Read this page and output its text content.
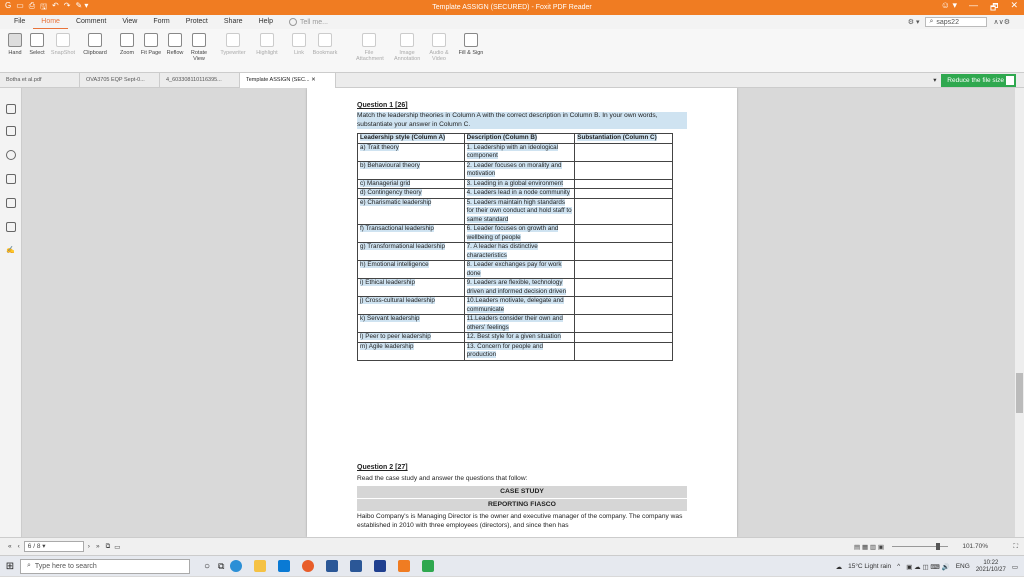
G ▭ ⎙ 🖫 ↶ ↷ ✎ ▾	Template ASSIGN (SECURED) - Foxit PDF Reader	☺ ▾ — 🗗 ✕
File	Home	Comment	View	Form	Protect	Share	Help	Tell me...	⚙ ▾ ⌕ saps22	∧∨⚙
Hand	Select	SnapShot Clipboard	Zoom	Fit Page Reflow	Rotate View
Typewriter	Highlight	Link	Bookmark	File Attachment
Image Annotation
Audio & Video
Fill & Sign
Botha et al.pdf	OVA3705 EQP Sept-0...	4_603308110116395...	Template ASSIGN (SEC... ✕	▾ Reduce the file size
✍
Question 1 [26]
Match the leadership theories in Column A with the correct description in Column B. In your own words, substantiate your answer in Column C.
Leadership style (Column A)	Description (Column B)	Substantiation (Column C)
a) Trait theory	1. Leadership with an ideological component	
b) Behavioural theory	2. Leader focuses on morality and motivation	
c) Managerial grid	3. Leading in a global environment	
d) Contingency theory	4. Leaders lead in a node community	
e) Charismatic leadership	5. Leaders maintain high standards for their own conduct and hold staff to same standard	
f) Transactional leadership	6. Leader focuses on growth and wellbeing of people	
g) Transformational leadership	7. A leader has distinctive characteristics	
h) Emotional intelligence	8. Leader exchanges pay for work done	
i) Ethical leadership	9. Leaders are flexible, technology driven and informed decision driven	
j) Cross-cultural leadership	10.Leaders motivate, delegate and communicate	
k) Servant leadership	11.Leaders consider their own and others' feelings	
l) Peer to peer leadership	12. Best style for a given situation	
m) Agile leadership	13. Concern for people and production	
Question 2 [27]
Read the case study and answer the questions that follow:
CASE STUDY
REPORTING FIASCO
Haibo Company's is Managing Director is the owner and executive manager of the company. The company was established in 2010 with three employees (directors), and since then has
« ‹	6 / 8 ▾	› » ⧉ ▭	▤ ▦ ▥ ▣	101.70%	⛶
⊞	⌕ Type here to search	○ ⧉	☁ 15°C Light rain ^ ▣ ☁ ◫ ⌨ 🔊 ENG
10:22
2021/10/27 ▭
